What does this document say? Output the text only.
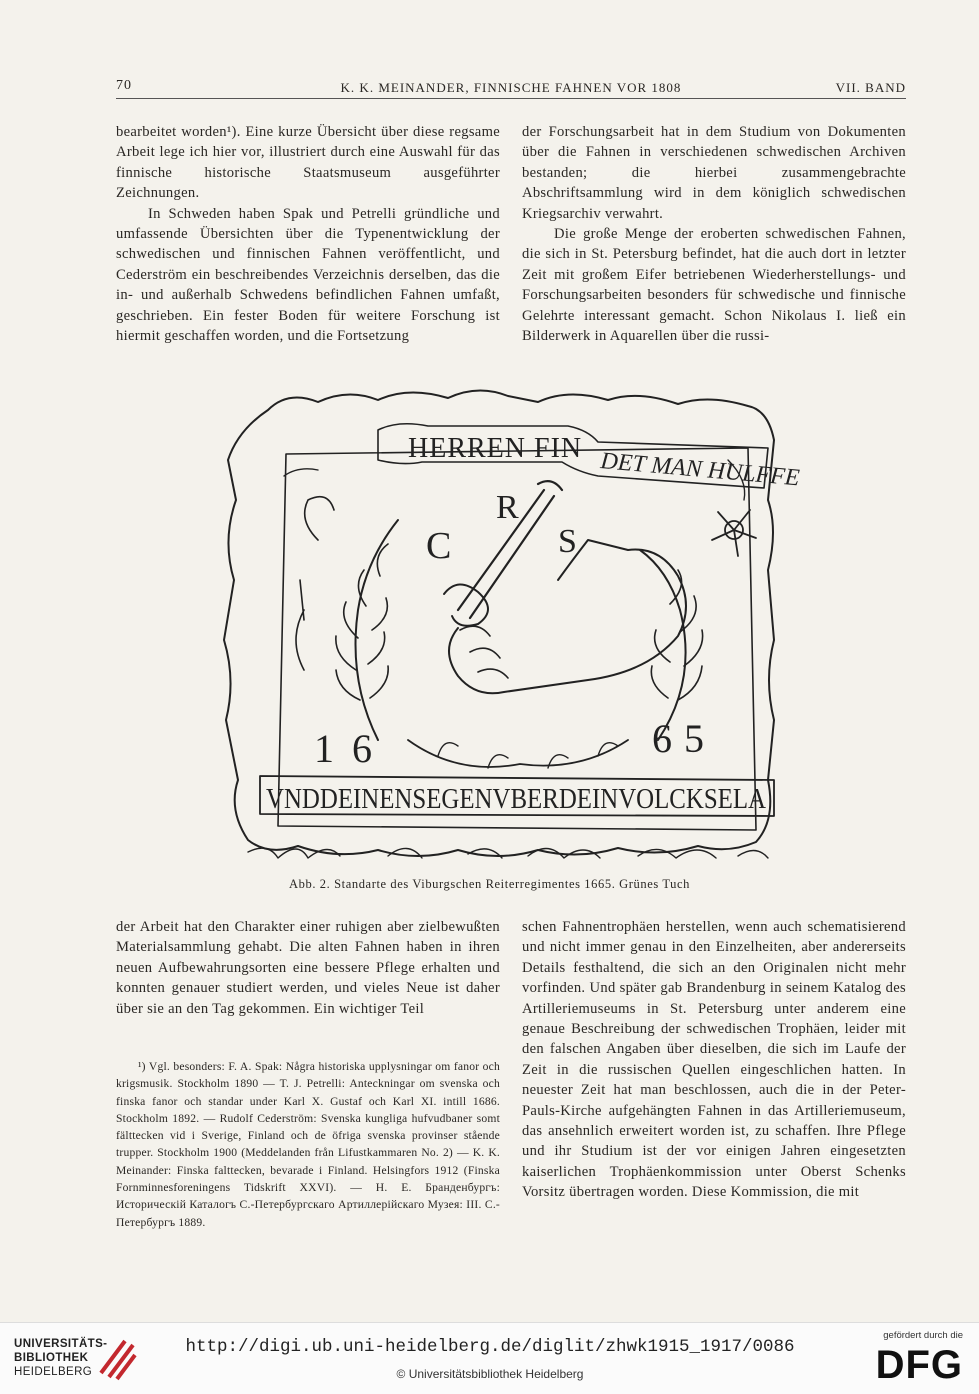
70	K. K. MEINANDER, FINNISCHE FAHNEN VOR 1808	VII. BAND

bearbeitet worden¹). Eine kurze Übersicht über diese regsame Arbeit lege ich hier vor, illustriert durch eine Auswahl für das finnische historische Staatsmuseum ausgeführter Zeichnungen.

In Schweden haben Spak und Petrelli gründliche und umfassende Übersichten über die Typenentwicklung der schwedischen und finnischen Fahnen veröffentlicht, und Cederström ein beschreibendes Verzeichnis derselben, das die in- und außerhalb Schwedens befindlichen Fahnen umfaßt, geschrieben. Ein fester Boden für weitere Forschung ist hiermit geschaffen worden, und die Fortsetzung

der Forschungsarbeit hat in dem Studium von Dokumenten über die Fahnen in verschiedenen schwedischen Archiven bestanden; die hierbei zusammengebrachte Abschriftsammlung wird in dem königlich schwedischen Kriegsarchiv verwahrt.

Die große Menge der eroberten schwedischen Fahnen, die sich in St. Petersburg befindet, hat die auch dort in letzter Zeit mit großem Eifer betriebenen Wiederherstellungs- und Forschungsarbeiten besonders für schwedische und finnische Gelehrte interessant gemacht. Schon Nikolaus I. ließ ein Bilderwerk in Aquarellen über die russi-

HERREN FIN DET MAN HULFFE
R
C	S
16	65
VNDDEINENSEGENVBERDEINVOLCKSELA
Abb. 2. Standarte des Viburgschen Reiterregimentes 1665. Grünes Tuch

der Arbeit hat den Charakter einer ruhigen aber zielbewußten Materialsammlung gehabt. Die alten Fahnen haben in ihren neuen Aufbewahrungsorten eine bessere Pflege erhalten und konnten genauer studiert werden, und vieles Neue ist daher über sie an den Tag gekommen. Ein wichtiger Teil

¹) Vgl. besonders: F. A. Spak: Några historiska upplysningar om fanor och krigsmusik. Stockholm 1890 — T. J. Petrelli: Anteckningar om svenska och finska fanor och standar under Karl X. Gustaf och Karl XI. intill 1686. Stockholm 1892. — Rudolf Cederström: Svenska kungliga hufvudbaner somt fälttecken vid i Sverige, Finland och de öfriga svenska provinser stående trupper. Stockholm 1900 (Meddelanden från Lifustkammaren No. 2) — K. K. Meinander: Finska falttecken, bevarade i Finland. Helsingfors 1912 (Finska Fornminnesforeningens Tidskrift XXVI). — Н. Е. Бранденбургъ: Историческій Каталогъ С.-Петербургскаго Артиллерійскаго Музея: III. С.-Петербургъ 1889.

schen Fahnentrophäen herstellen, wenn auch schematisierend und nicht immer genau in den Einzelheiten, aber andererseits Details festhaltend, die sich an den Originalen nicht mehr vorfinden. Und später gab Brandenburg in seinem Katalog des Artilleriemuseums in St. Petersburg unter anderem eine genaue Beschreibung der schwedischen Trophäen, leider mit den falschen Angaben über dieselben, die sich im Laufe der Zeit in die russischen Quellen eingeschlichen hatten. In neuester Zeit hat man beschlossen, auch die in der Peter-Pauls-Kirche aufgehängten Fahnen in das Artilleriemuseum, das ansehnlich erweitert worden ist, zu schaffen. Ihre Pflege und ihr Studium ist der vor einigen Jahren eingesetzten kaiserlichen Trophäenkommission unter Oberst Schenks Vorsitz übertragen worden. Diese Kommission, die mit

UNIVERSITÄTS-
BIBLIOTHEK
HEIDELBERG
http://digi.ub.uni-heidelberg.de/diglit/zhwk1915_1917/0086
© Universitätsbibliothek Heidelberg
gefördert durch die
DFG
